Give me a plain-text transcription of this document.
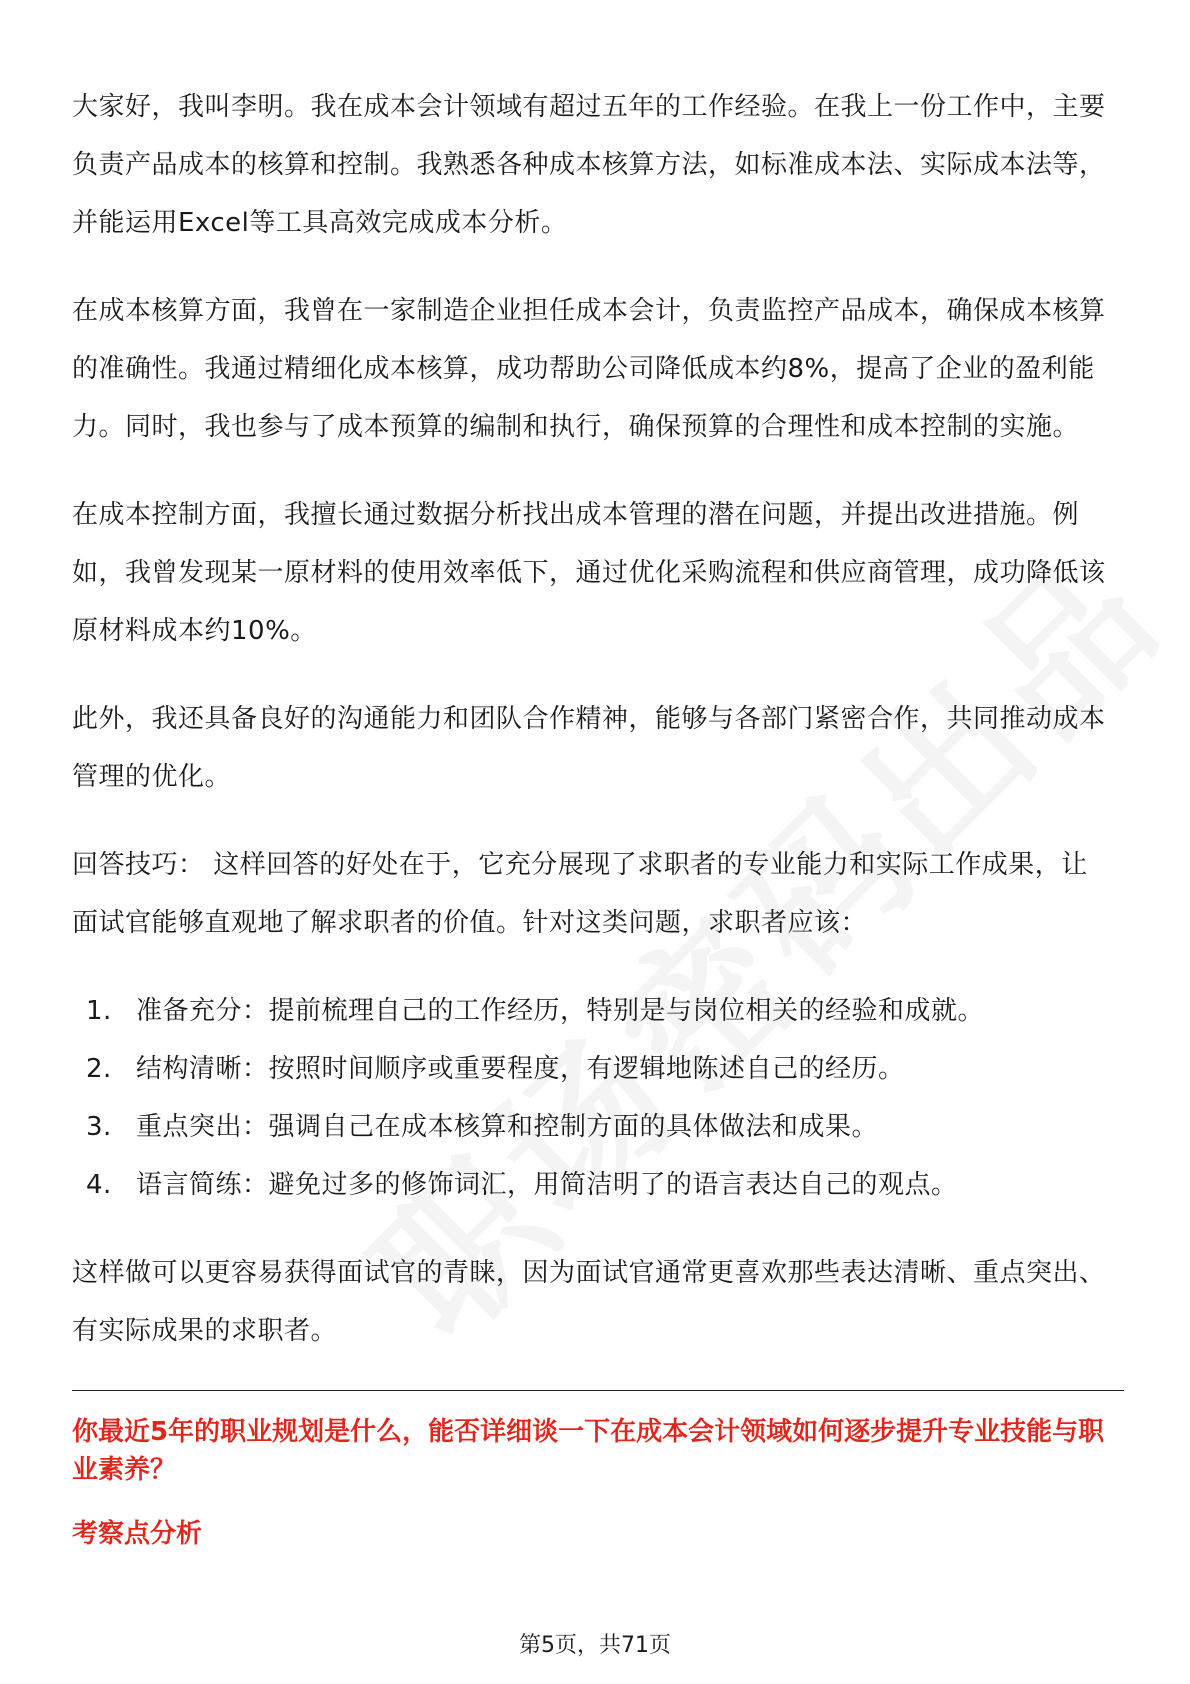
大家好，我叫李明。我在成本会计领域有超过五年的工作经验。在我上一份工作中，主要负责产品成本的核算和控制。我熟悉各种成本核算方法，如标准成本法、实际成本法等，并能运用Excel等工具高效完成成本分析。

在成本核算方面，我曾在一家制造企业担任成本会计，负责监控产品成本，确保成本核算的准确性。我通过精细化成本核算，成功帮助公司降低成本约8%，提高了企业的盈利能力。同时，我也参与了成本预算的编制和执行，确保预算的合理性和成本控制的实施。

在成本控制方面，我擅长通过数据分析找出成本管理的潜在问题，并提出改进措施。例如，我曾发现某一原材料的使用效率低下，通过优化采购流程和供应商管理，成功降低该原材料成本约10%。

此外，我还具备良好的沟通能力和团队合作精神，能够与各部门紧密合作，共同推动成本管理的优化。

回答技巧： 这样回答的好处在于，它充分展现了求职者的专业能力和实际工作成果，让面试官能够直观地了解求职者的价值。针对这类问题，求职者应该：

1. 准备充分：提前梳理自己的工作经历，特别是与岗位相关的经验和成就。
2. 结构清晰：按照时间顺序或重要程度，有逻辑地陈述自己的经历。
3. 重点突出：强调自己在成本核算和控制方面的具体做法和成果。
4. 语言简练：避免过多的修饰词汇，用简洁明了的语言表达自己的观点。

这样做可以更容易获得面试官的青睐，因为面试官通常更喜欢那些表达清晰、重点突出、有实际成果的求职者。

你最近5年的职业规划是什么，能否详细谈一下在成本会计领域如何逐步提升专业技能与职业素养？

考察点分析

第5页，共71页
